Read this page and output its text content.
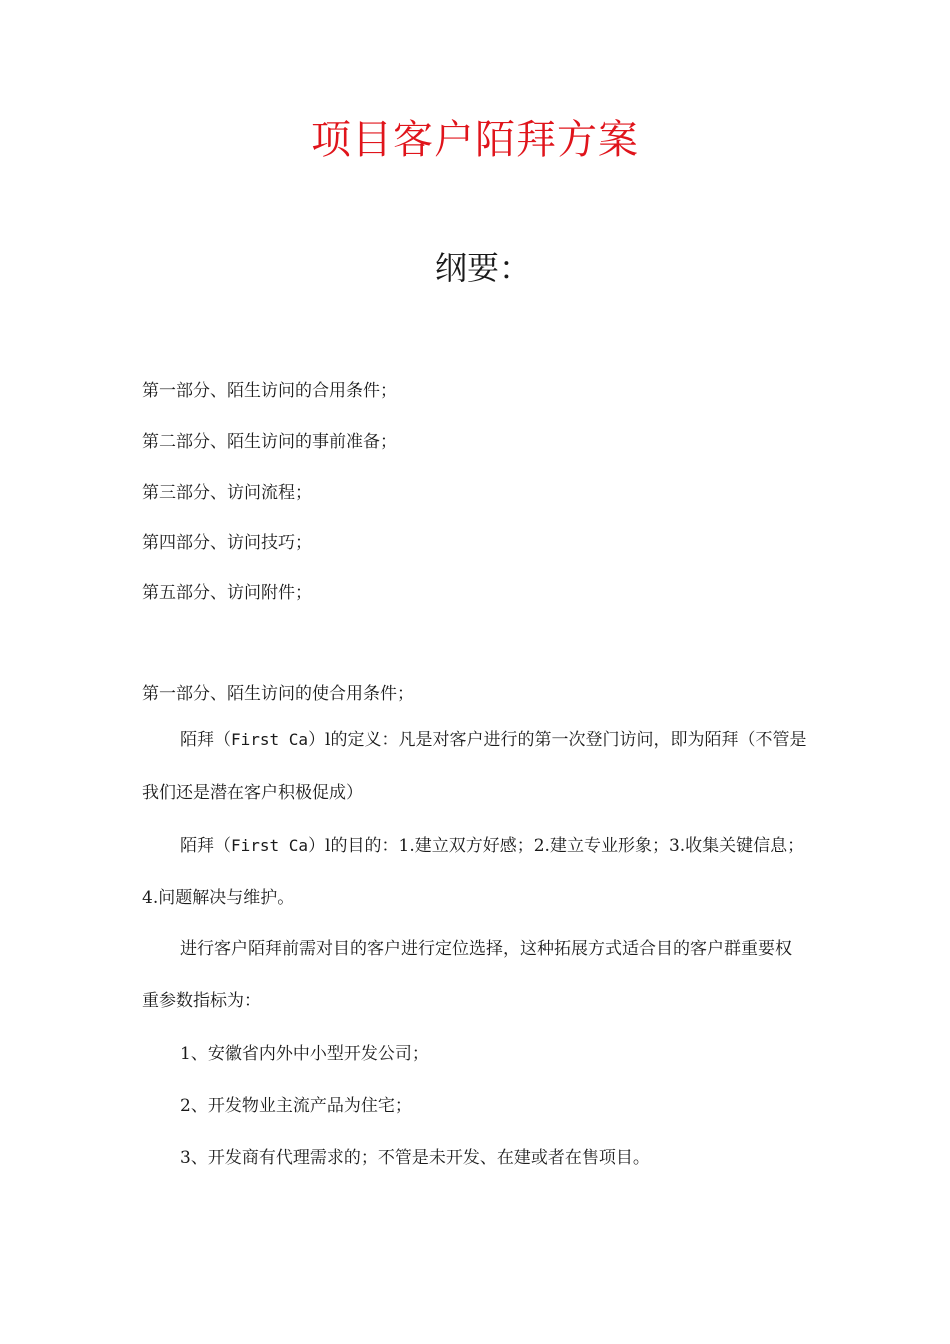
项目客户陌拜方案
纲要：
第一部分、陌生访问的合用条件；
第二部分、陌生访问的事前准备；
第三部分、访问流程；
第四部分、访问技巧；
第五部分、访问附件；
第一部分、陌生访问的使合用条件；
陌拜（First Ca）l的定义：凡是对客户进行的第一次登门访问，即为陌拜（不管是
我们还是潜在客户积极促成）
陌拜（First Ca）l的目的：1.建立双方好感；2.建立专业形象；3.收集关键信息；
4.问题解决与维护。
进行客户陌拜前需对目的客户进行定位选择，这种拓展方式适合目的客户群重要权
重参数指标为：
1、安徽省内外中小型开发公司；
2、开发物业主流产品为住宅；
3、开发商有代理需求的；不管是未开发、在建或者在售项目。
